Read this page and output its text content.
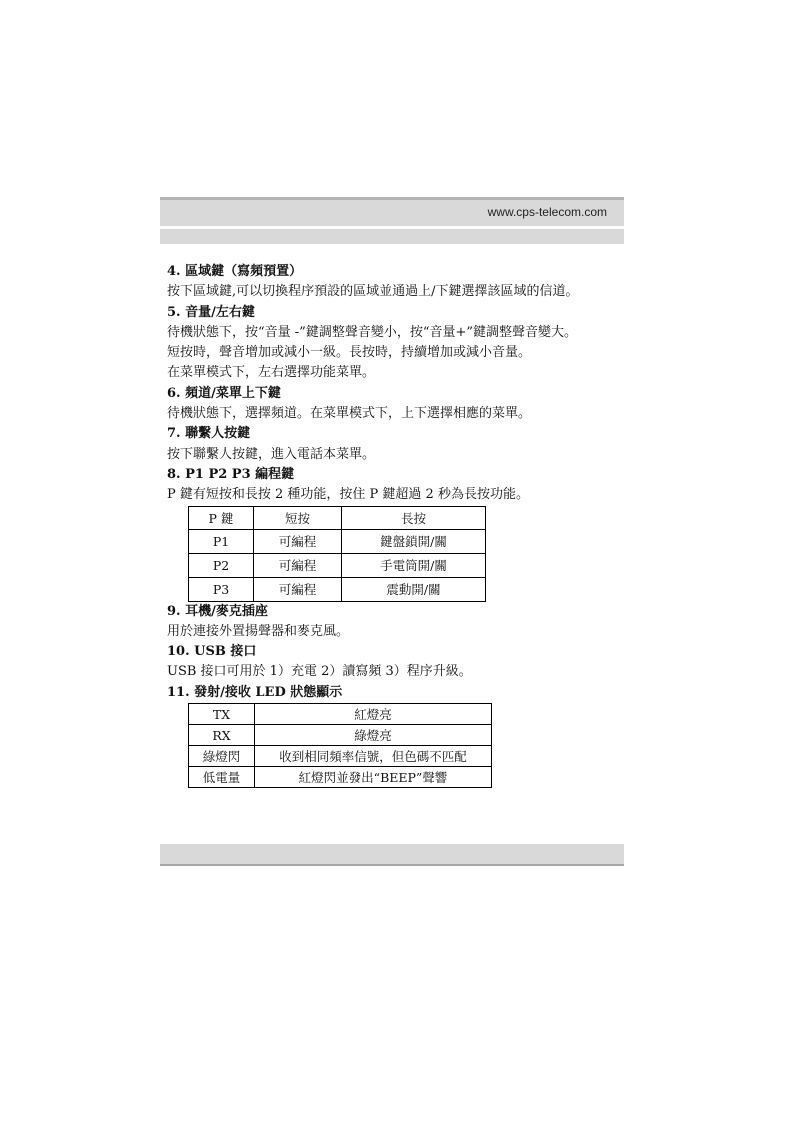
www.cps-telecom.com

4. 區域鍵（寫頻預置）

按下區域鍵,可以切換程序預設的區域並通過上/下鍵選擇該區域的信道。

5. 音量/左右鍵

待機狀態下，按“音量 -”鍵調整聲音變小，按“音量+”鍵調整聲音變大。

短按時，聲音增加或減小一級。長按時，持續增加或減小音量。

在菜單模式下，左右選擇功能菜單。

6. 頻道/菜單上下鍵

待機狀態下，選擇頻道。在菜單模式下，上下選擇相應的菜單。

7. 聯繫人按鍵

按下聯繫人按鍵，進入電話本菜單。

8. P1 P2 P3 編程鍵

P 鍵有短按和長按 2 種功能，按住 P 鍵超過 2 秒為長按功能。

P 鍵	短按	長按
P1	可編程	鍵盤鎖開/關
P2	可編程	手電筒開/關
P3	可編程	震動開/關

9. 耳機/麥克插座

用於連接外置揚聲器和麥克風。

10. USB 接口

USB 接口可用於 1）充電 2）讀寫頻 3）程序升級。

11. 發射/接收 LED 狀態顯示

TX	紅燈亮
RX	綠燈亮
綠燈閃	收到相同頻率信號，但色碼不匹配
低電量	紅燈閃並發出“BEEP”聲響
